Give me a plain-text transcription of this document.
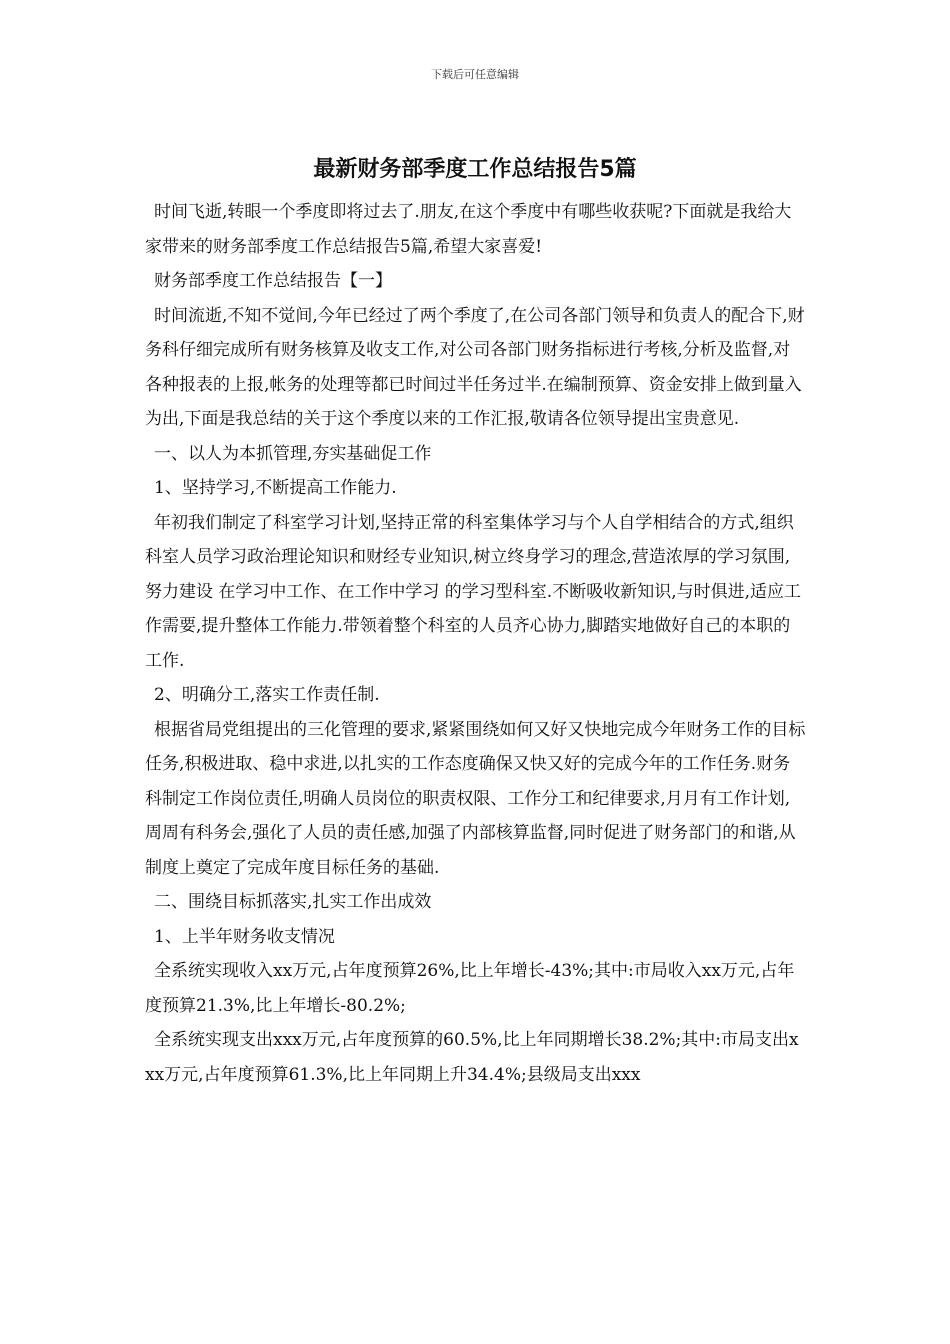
下载后可任意编辑
最新财务部季度工作总结报告5篇

时间飞逝,转眼一个季度即将过去了.朋友,在这个季度中有哪些收获呢?下面就是我给大家带来的财务部季度工作总结报告5篇,希望大家喜爱!

财务部季度工作总结报告【一】

时间流逝,不知不觉间,今年已经过了两个季度了,在公司各部门领导和负责人的配合下,财务科仔细完成所有财务核算及收支工作,对公司各部门财务指标进行考核,分析及监督,对各种报表的上报,帐务的处理等都已时间过半任务过半.在编制预算、资金安排上做到量入为出,下面是我总结的关于这个季度以来的工作汇报,敬请各位领导提出宝贵意见.

一、以人为本抓管理,夯实基础促工作

1、坚持学习,不断提高工作能力.

年初我们制定了科室学习计划,坚持正常的科室集体学习与个人自学相结合的方式,组织科室人员学习政治理论知识和财经专业知识,树立终身学习的理念,营造浓厚的学习氛围,努力建设 在学习中工作、在工作中学习 的学习型科室.不断吸收新知识,与时俱进,适应工作需要,提升整体工作能力.带领着整个科室的人员齐心协力,脚踏实地做好自己的本职的工作.

2、明确分工,落实工作责任制.

根据省局党组提出的三化管理的要求,紧紧围绕如何又好又快地完成今年财务工作的目标任务,积极进取、稳中求进,以扎实的工作态度确保又快又好的完成今年的工作任务.财务科制定工作岗位责任,明确人员岗位的职责权限、工作分工和纪律要求,月月有工作计划,周周有科务会,强化了人员的责任感,加强了内部核算监督,同时促进了财务部门的和谐,从制度上奠定了完成年度目标任务的基础.

二、围绕目标抓落实,扎实工作出成效

1、上半年财务收支情况

全系统实现收入xx万元,占年度预算26%,比上年增长-43%;其中:市局收入xx万元,占年度预算21.3%,比上年增长-80.2%;

全系统实现支出xxx万元,占年度预算的60.5%,比上年同期增长38.2%;其中:市局支出xxx万元,占年度预算61.3%,比上年同期上升34.4%;县级局支出xxx
